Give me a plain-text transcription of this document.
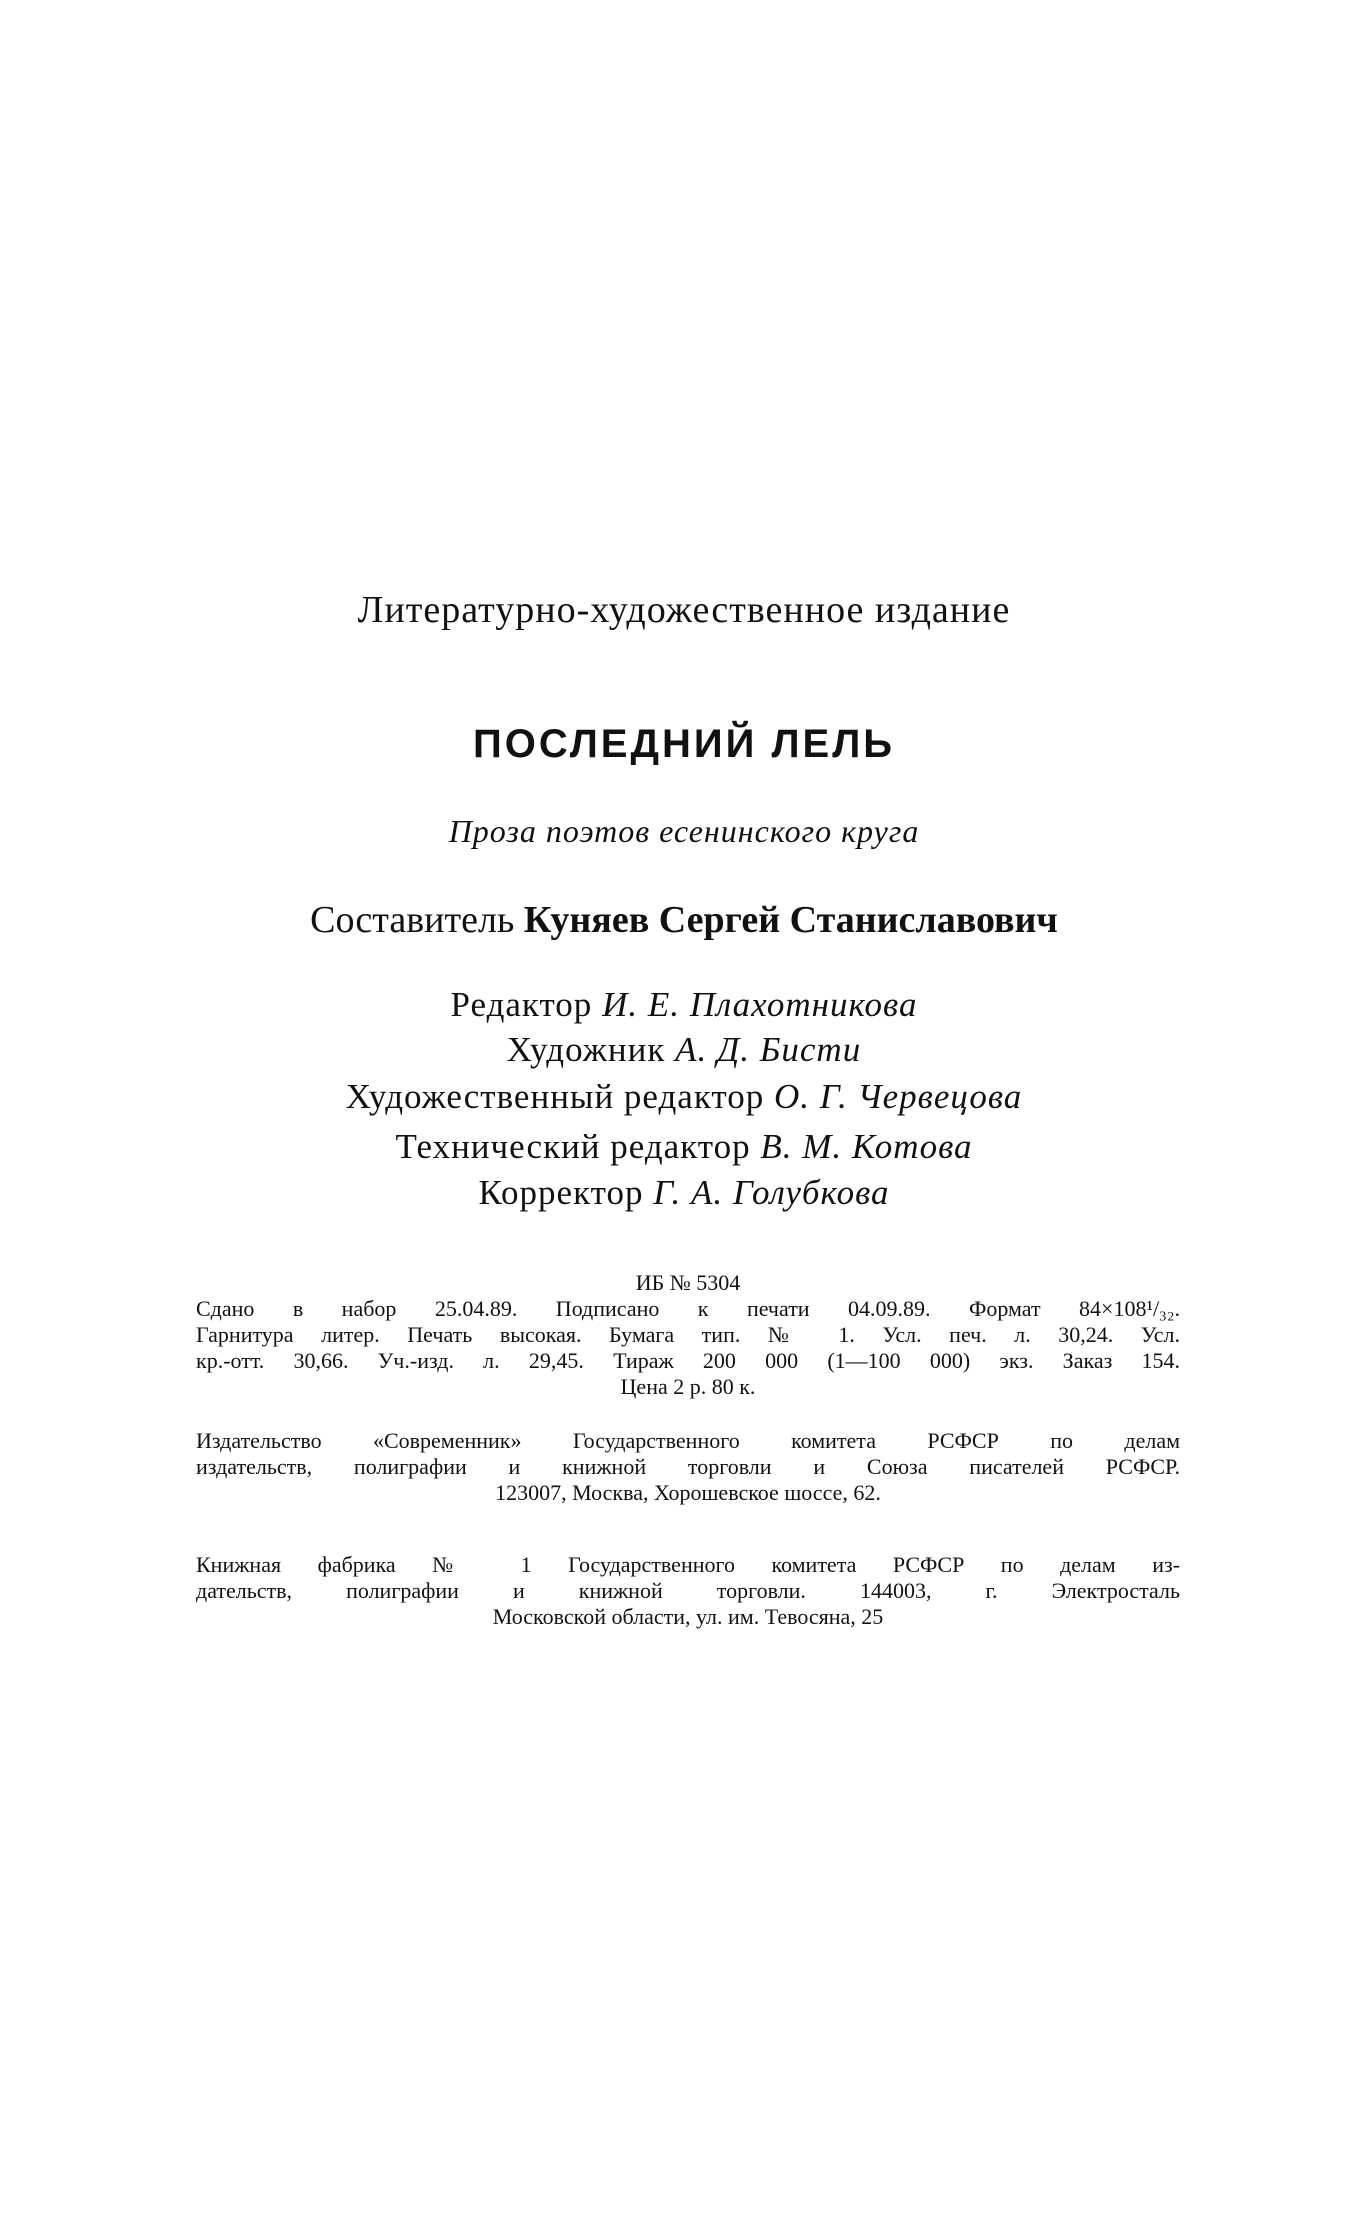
Литературно-художественное издание
ПОСЛЕДНИЙ ЛЕЛЬ
Проза поэтов есенинского круга
Составитель Куняев Сергей Станиславович
Редактор И. Е. Плахотникова
Художник А. Д. Бисти
Художественный редактор О. Г. Червецова
Технический редактор В. М. Котова
Корректор Г. А. Голубкова
ИБ № 5304
Сдано в набор 25.04.89. Подписано к печати 04.09.89. Формат 84×108¹/₃₂.
Гарнитура литер. Печать высокая. Бумага тип. № 1. Усл. печ. л. 30,24. Усл.
кр.-отт. 30,66. Уч.-изд. л. 29,45. Тираж 200 000 (1—100 000) экз. Заказ 154.
Цена 2 р. 80 к.
Издательство «Современник» Государственного комитета РСФСР по делам
издательств, полиграфии и книжной торговли и Союза писателей РСФСР.
123007, Москва, Хорошевское шоссе, 62.
Книжная фабрика № 1 Государственного комитета РСФСР по делам из-
дательств, полиграфии и книжной торговли. 144003, г. Электросталь
Московской области, ул. им. Тевосяна, 25
